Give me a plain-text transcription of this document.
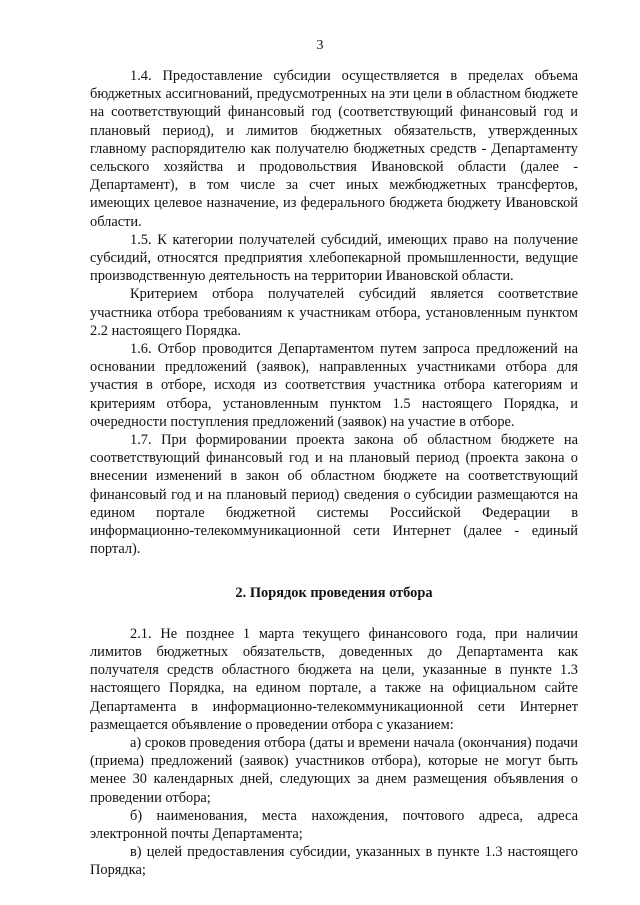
3

1.4. Предоставление субсидии осуществляется в пределах объема бюджетных ассигнований, предусмотренных на эти цели в областном бюджете на соответствующий финансовый год (соответствующий финансовый год и плановый период), и лимитов бюджетных обязательств, утвержденных главному распорядителю как получателю бюджетных средств - Департаменту сельского хозяйства и продовольствия Ивановской области (далее - Департамент), в том числе за счет иных межбюджетных трансфертов, имеющих целевое назначение, из федерального бюджета бюджету Ивановской области.

1.5. К категории получателей субсидий, имеющих право на получение субсидий, относятся предприятия хлебопекарной промышленности, ведущие производственную деятельность на территории Ивановской области.

Критерием отбора получателей субсидий является соответствие участника отбора требованиям к участникам отбора, установленным пунктом 2.2 настоящего Порядка.

1.6. Отбор проводится Департаментом путем запроса предложений на основании предложений (заявок), направленных участниками отбора для участия в отборе, исходя из соответствия участника отбора категориям и критериям отбора, установленным пунктом 1.5 настоящего Порядка, и очередности поступления предложений (заявок) на участие в отборе.

1.7. При формировании проекта закона об областном бюджете на соответствующий финансовый год и на плановый период (проекта закона о внесении изменений в закон об областном бюджете на соответствующий финансовый год и на плановый период) сведения о субсидии размещаются на едином портале бюджетной системы Российской Федерации в информационно-телекоммуникационной сети Интернет (далее - единый портал).

2. Порядок проведения отбора

2.1. Не позднее 1 марта текущего финансового года, при наличии лимитов бюджетных обязательств, доведенных до Департамента как получателя средств областного бюджета на цели, указанные в пункте 1.3 настоящего Порядка, на едином портале, а также на официальном сайте Департамента в информационно-телекоммуникационной сети Интернет размещается объявление о проведении отбора с указанием:

а) сроков проведения отбора (даты и времени начала (окончания) подачи (приема) предложений (заявок) участников отбора), которые не могут быть менее 30 календарных дней, следующих за днем размещения объявления о проведении отбора;

б) наименования, места нахождения, почтового адреса, адреса электронной почты Департамента;

в) целей предоставления субсидии, указанных в пункте 1.3 настоящего Порядка;
